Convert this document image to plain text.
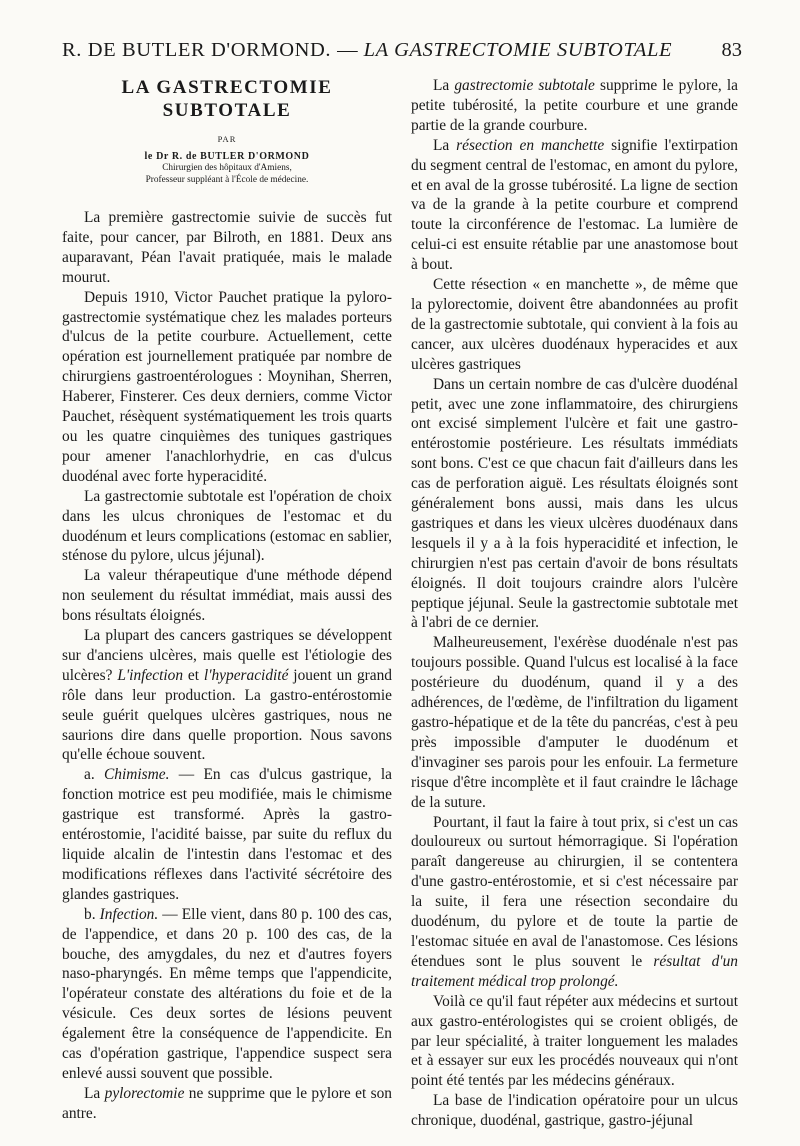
R. DE BUTLER D'ORMOND. — LA GASTRECTOMIE SUBTOTALE 83
LA GASTRECTOMIE
SUBTOTALE
PAR
le Dr R. de BUTLER D'ORMOND
Chirurgien des hôpitaux d'Amiens,
Professeur suppléant à l'École de médecine.

La première gastrectomie suivie de succès fut faite, pour cancer, par Bilroth, en 1881. Deux ans auparavant, Péan l'avait pratiquée, mais le malade mourut.

Depuis 1910, Victor Pauchet pratique la pyloro-gastrectomie systématique chez les malades porteurs d'ulcus de la petite courbure. Actuellement, cette opération est journellement pratiquée par nombre de chirurgiens gastroentérologues : Moynihan, Sherren, Haberer, Finsterer. Ces deux derniers, comme Victor Pauchet, résèquent systématiquement les trois quarts ou les quatre cinquièmes des tuniques gastriques pour amener l'anachlorhydrie, en cas d'ulcus duodénal avec forte hyperacidité.

La gastrectomie subtotale est l'opération de choix dans les ulcus chroniques de l'estomac et du duodénum et leurs complications (estomac en sablier, sténose du pylore, ulcus jéjunal).

La valeur thérapeutique d'une méthode dépend non seulement du résultat immédiat, mais aussi des bons résultats éloignés.

La plupart des cancers gastriques se développent sur d'anciens ulcères, mais quelle est l'étiologie des ulcères? L'infection et l'hyperacidité jouent un grand rôle dans leur production. La gastro-entérostomie seule guérit quelques ulcères gastriques, nous ne saurions dire dans quelle proportion. Nous savons qu'elle échoue souvent.

a. Chimisme. — En cas d'ulcus gastrique, la fonction motrice est peu modifiée, mais le chimisme gastrique est transformé. Après la gastro-entérostomie, l'acidité baisse, par suite du reflux du liquide alcalin de l'intestin dans l'estomac et des modifications réflexes dans l'activité sécrétoire des glandes gastriques.

b. Infection. — Elle vient, dans 80 p. 100 des cas, de l'appendice, et dans 20 p. 100 des cas, de la bouche, des amygdales, du nez et d'autres foyers naso-pharyngés. En même temps que l'appendicite, l'opérateur constate des altérations du foie et de la vésicule. Ces deux sortes de lésions peuvent également être la conséquence de l'appendicite. En cas d'opération gastrique, l'appendice suspect sera enlevé aussi souvent que possible.

La pylorectomie ne supprime que le pylore et son antre.

La gastrectomie subtotale supprime le pylore, la petite tubérosité, la petite courbure et une grande partie de la grande courbure.

La résection en manchette signifie l'extirpation du segment central de l'estomac, en amont du pylore, et en aval de la grosse tubérosité. La ligne de section va de la grande à la petite courbure et comprend toute la circonférence de l'estomac. La lumière de celui-ci est ensuite rétablie par une anastomose bout à bout.

Cette résection « en manchette », de même que la pylorectomie, doivent être abandonnées au profit de la gastrectomie subtotale, qui convient à la fois au cancer, aux ulcères duodénaux hyperacides et aux ulcères gastriques

Dans un certain nombre de cas d'ulcère duodénal petit, avec une zone inflammatoire, des chirurgiens ont excisé simplement l'ulcère et fait une gastro-entérostomie postérieure. Les résultats immédiats sont bons. C'est ce que chacun fait d'ailleurs dans les cas de perforation aiguë. Les résultats éloignés sont généralement bons aussi, mais dans les ulcus gastriques et dans les vieux ulcères duodénaux dans lesquels il y a à la fois hyperacidité et infection, le chirurgien n'est pas certain d'avoir de bons résultats éloignés. Il doit toujours craindre alors l'ulcère peptique jéjunal. Seule la gastrectomie subtotale met à l'abri de ce dernier.

Malheureusement, l'exérèse duodénale n'est pas toujours possible. Quand l'ulcus est localisé à la face postérieure du duodénum, quand il y a des adhérences, de l'œdème, de l'infiltration du ligament gastro-hépatique et de la tête du pancréas, c'est à peu près impossible d'amputer le duodénum et d'invaginer ses parois pour les enfouir. La fermeture risque d'être incomplète et il faut craindre le lâchage de la suture.

Pourtant, il faut la faire à tout prix, si c'est un cas douloureux ou surtout hémorragique. Si l'opération paraît dangereuse au chirurgien, il se contentera d'une gastro-entérostomie, et si c'est nécessaire par la suite, il fera une résection secondaire du duodénum, du pylore et de toute la partie de l'estomac située en aval de l'anastomose. Ces lésions étendues sont le plus souvent le résultat d'un traitement médical trop prolongé.

Voilà ce qu'il faut répéter aux médecins et surtout aux gastro-entérologistes qui se croient obligés, de par leur spécialité, à traiter longuement les malades et à essayer sur eux les procédés nouveaux qui n'ont point été tentés par les médecins généraux.

La base de l'indication opératoire pour un ulcus chronique, duodénal, gastrique, gastro-jéjunal
